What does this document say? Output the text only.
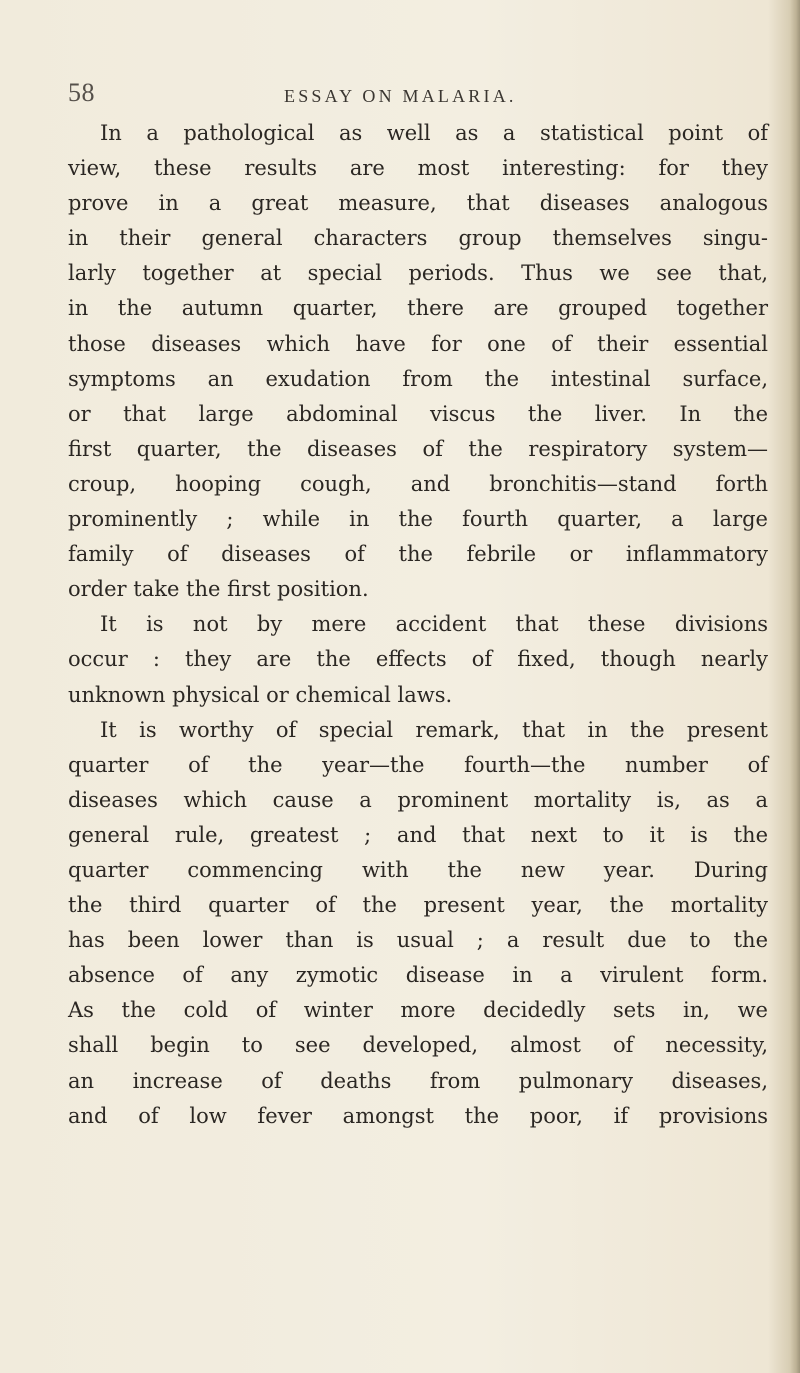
58	ESSAY ON MALARIA.
In a pathological as well as a statistical point of
view, these results are most interesting: for they
prove in a great measure, that diseases analogous
in their general characters group themselves singu-
larly together at special periods. Thus we see that,
in the autumn quarter, there are grouped together
those diseases which have for one of their essential
symptoms an exudation from the intestinal surface,
or that large abdominal viscus the liver. In the
first quarter, the diseases of the respiratory system—
croup, hooping cough, and bronchitis—stand forth
prominently ; while in the fourth quarter, a large
family of diseases of the febrile or inflammatory
order take the first position.
It is not by mere accident that these divisions
occur : they are the effects of fixed, though nearly
unknown physical or chemical laws.
It is worthy of special remark, that in the present
quarter of the year—the fourth—the number of
diseases which cause a prominent mortality is, as a
general rule, greatest ; and that next to it is the
quarter commencing with the new year. During
the third quarter of the present year, the mortality
has been lower than is usual ; a result due to the
absence of any zymotic disease in a virulent form.
As the cold of winter more decidedly sets in, we
shall begin to see developed, almost of necessity,
an increase of deaths from pulmonary diseases,
and of low fever amongst the poor, if provisions
